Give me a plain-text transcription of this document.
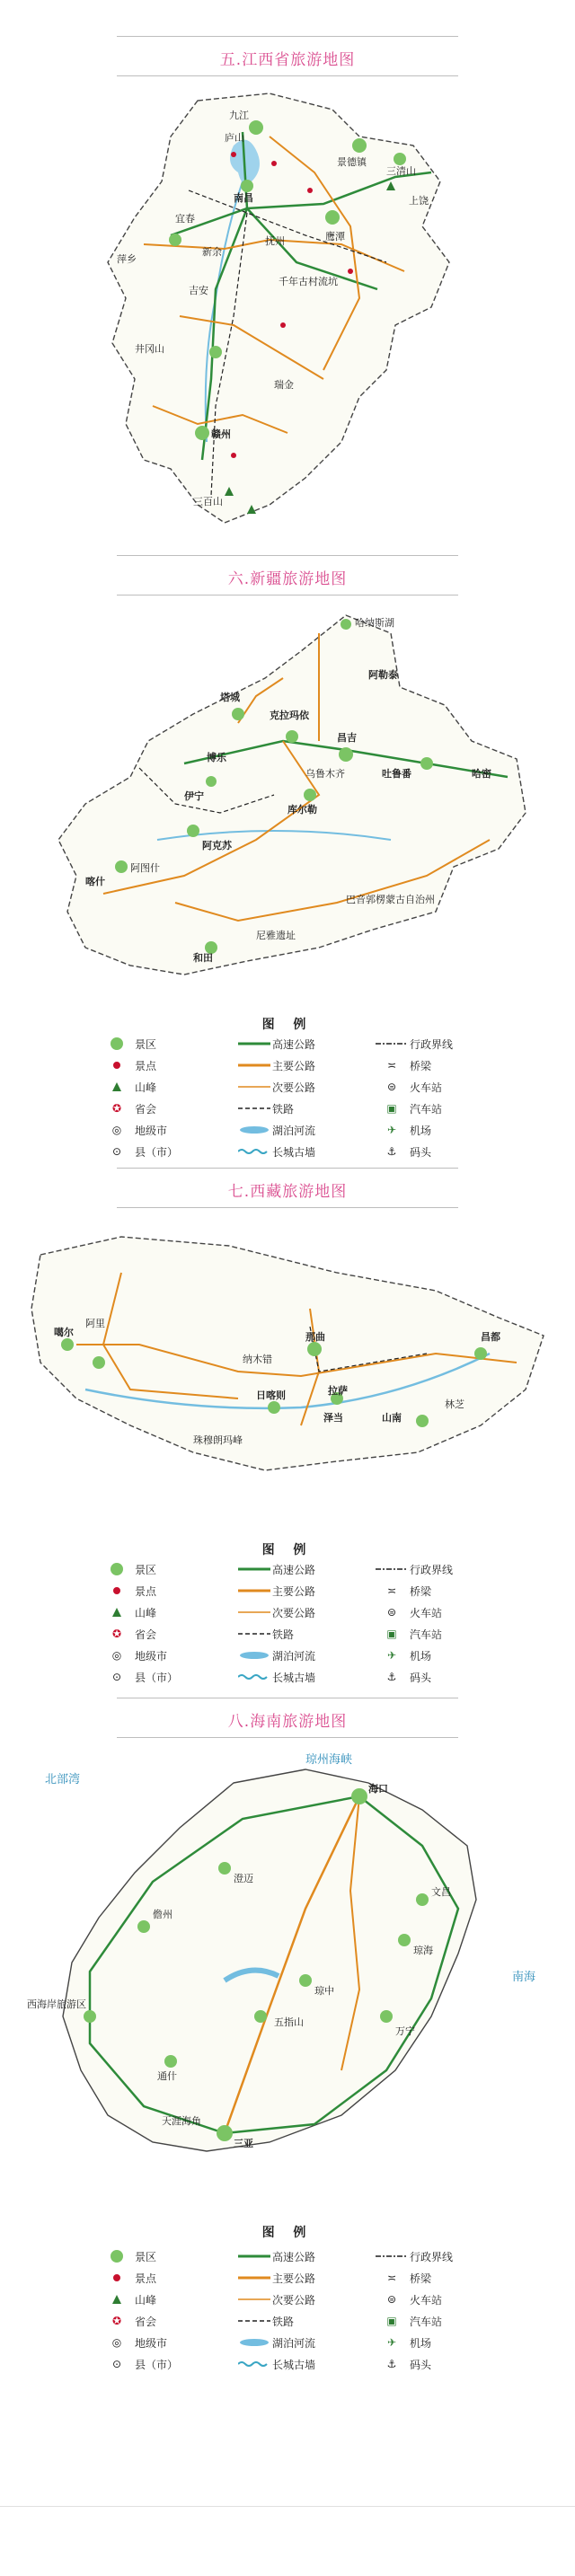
五.江西省旅游地图
九江
庐山
南昌
景德镇
三清山
上饶
鹰潭
抚州
宜春
萍乡
新余
吉安
井冈山
赣州
三百山
千年古村流坑
瑞金
六.新疆旅游地图
哈纳斯湖
阿勒泰
塔城
克拉玛依
博乐
伊宁
乌鲁木齐
昌吉
吐鲁番	哈密
库尔勒
阿克苏
喀什
阿图什
和田
巴音郭楞蒙古自治州
尼雅遗址
图 例
景区	高速公路	行政界线
景点	主要公路	≍	桥梁
山峰	次要公路	⊜	火车站
✪	省会	铁路	▣	汽车站
◎	地级市	湖泊河流	✈	机场
⊙	县（市）	长城古墙	⚓	码头
七.西藏旅游地图
噶尔
阿里
那曲	昌都
拉萨
日喀则
泽当	山南
林芝
纳木错
珠穆朗玛峰
图 例
景区	高速公路	行政界线
景点	主要公路	≍	桥梁
山峰	次要公路	⊜	火车站
✪	省会	铁路	▣	汽车站
◎	地级市	湖泊河流	✈	机场
⊙	县（市）	长城古墙	⚓	码头
八.海南旅游地图
海口
文昌
琼海
万宁
三亚
五指山
琼中
澄迈
儋州
西海岸旅游区
通什
天涯海角
北部湾
琼州海峡
南海
图 例
景区	高速公路	行政界线
景点	主要公路	≍	桥梁
山峰	次要公路	⊜	火车站
✪	省会	铁路	▣	汽车站
◎	地级市	湖泊河流	✈	机场
⊙	县（市）	长城古墙	⚓	码头
